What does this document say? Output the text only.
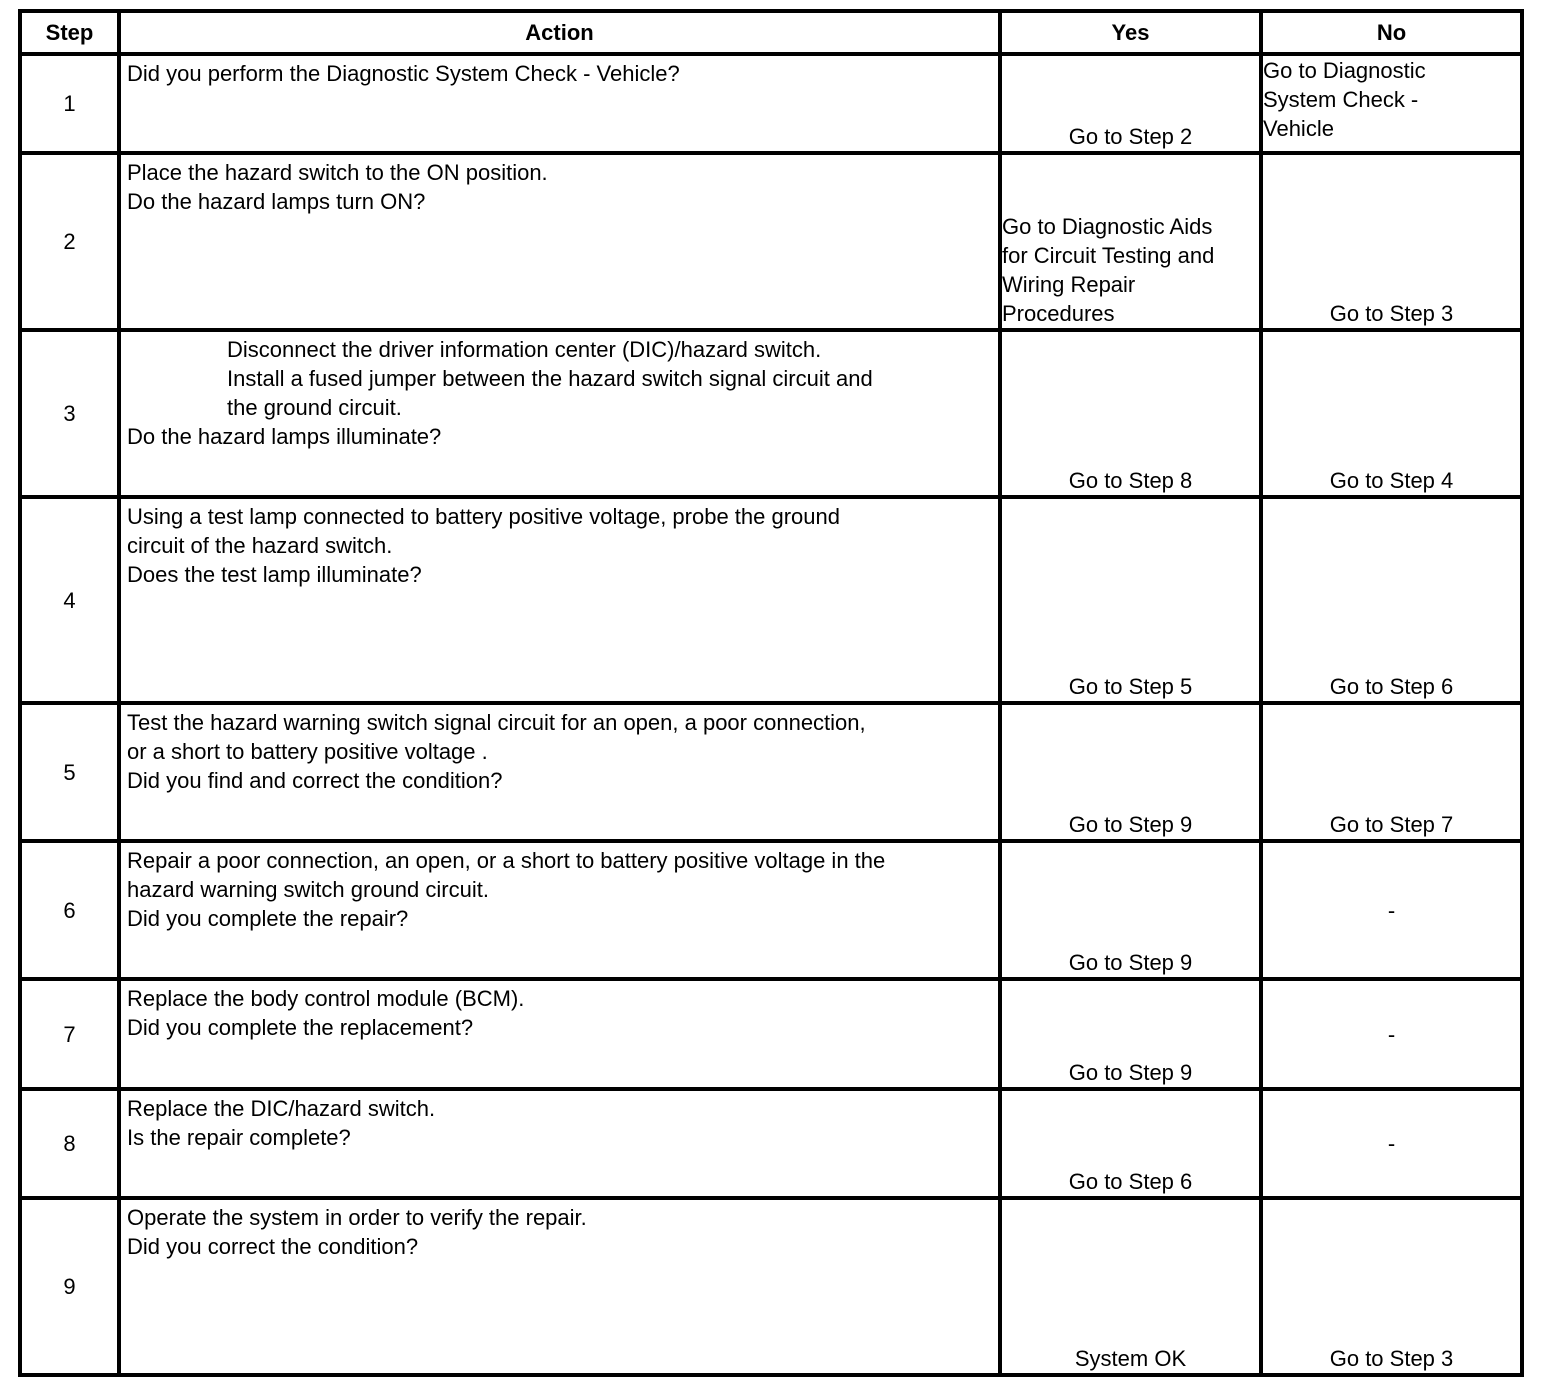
Step	Action	Yes	No
1	Did you perform the Diagnostic System Check - Vehicle?	Go to Step 2	Go to Diagnostic
System Check -
Vehicle

2	Place the hazard switch to the ON position.
Do the hazard lamps turn ON?	Go to Diagnostic Aids
for Circuit Testing and
Wiring Repair
Procedures	Go to Step 3
3	Disconnect the driver information center (DIC)/hazard switch.
Install a fused jumper between the hazard switch signal circuit and
the ground circuit.
Do the hazard lamps illuminate?	Go to Step 8	Go to Step 4
4	Using a test lamp connected to battery positive voltage, probe the ground
circuit of the hazard switch.
Does the test lamp illuminate?	Go to Step 5	Go to Step 6
5	Test the hazard warning switch signal circuit for an open, a poor connection,
or a short to battery positive voltage .
Did you find and correct the condition?	Go to Step 9	Go to Step 7
6	Repair a poor connection, an open, or a short to battery positive voltage in the
hazard warning switch ground circuit.
Did you complete the repair?	Go to Step 9	-
7	Replace the body control module (BCM).
Did you complete the replacement?	Go to Step 9	-
8	Replace the DIC/hazard switch.
Is the repair complete?	Go to Step 6	-
9	Operate the system in order to verify the repair.
Did you correct the condition?	System OK	Go to Step 3
